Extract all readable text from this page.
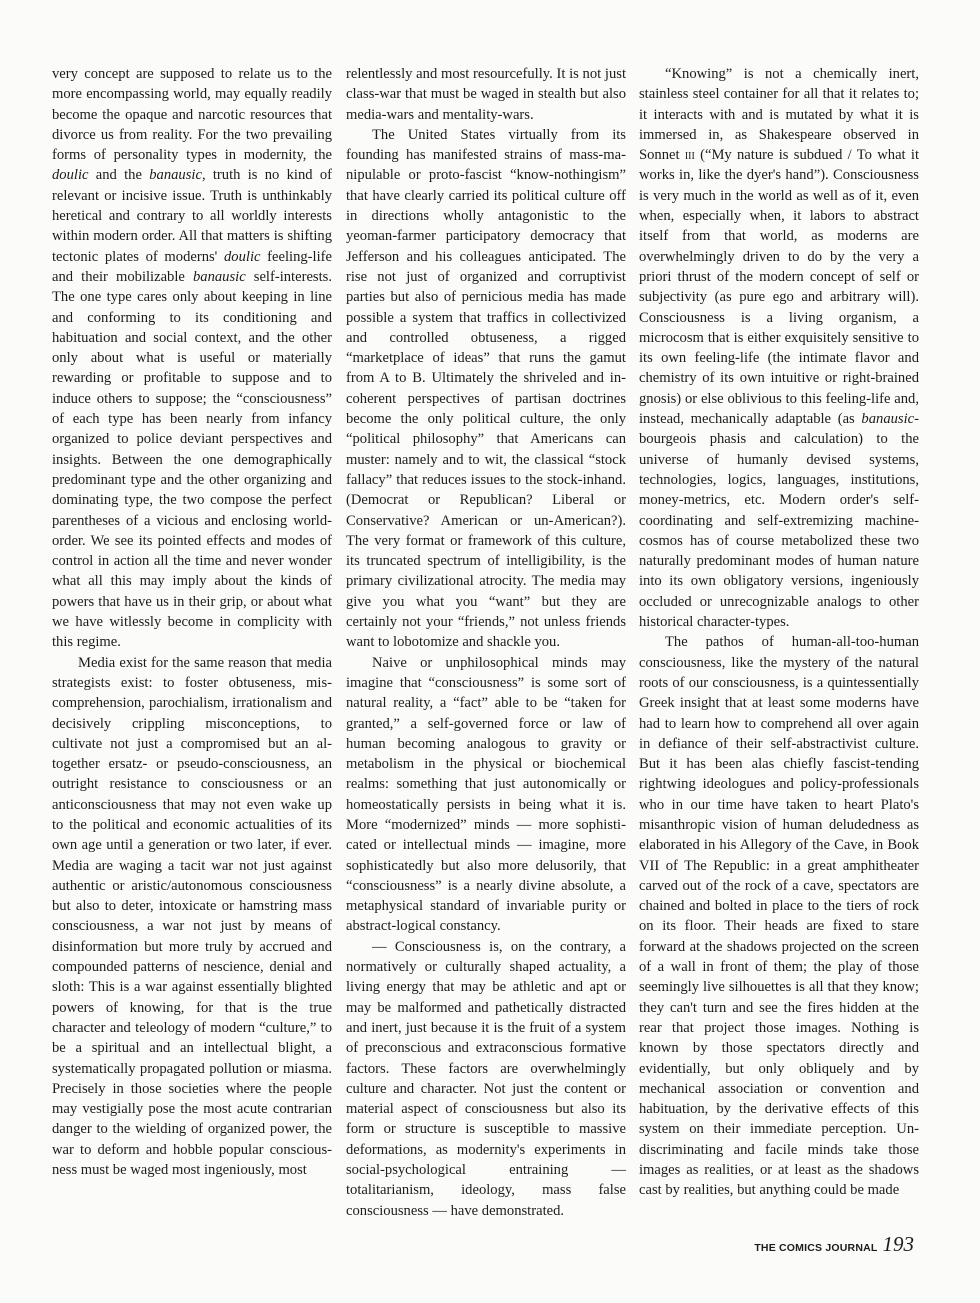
very concept are supposed to relate us to the more encompassing world, may equally readily become the opaque and narcotic resources that divorce us from reality. For the two prevailing forms of personality types in modernity, the doulic and the banausic, truth is no kind of relevant or incisive issue. Truth is unthinkably heretical and contrary to all worldly interests within modern order. All that matters is shifting tectonic plates of moderns' doulic feeling-life and their mobilizable banausic self-interests. The one type cares only about keeping in line and conforming to its conditioning and habituation and social context, and the other only about what is useful or materially rewarding or profitable to suppose and to induce others to suppose; the “consciousness” of each type has been nearly from infancy organized to police deviant perspectives and insights. Between the one demographically predominant type and the other organizing and dominating type, the two compose the perfect parentheses of a vicious and enclosing world-order. We see its pointed effects and modes of control in action all the time and never wonder what all this may imply about the kinds of powers that have us in their grip, or about what we have witlessly become in complicity with this regime.

Media exist for the same reason that media strategists exist: to foster obtuseness, miscomprehension, parochialism, irrationalism and decisively crippling misconceptions, to cultivate not just a compromised but an altogether ersatz- or pseudo-consciousness, an outright resistance to consciousness or an anticonsciousness that may not even wake up to the political and economic actualities of its own age until a generation or two later, if ever. Media are waging a tacit war not just against authentic or aristic/autonomous consciousness but also to deter, intoxicate or hamstring mass consciousness, a war not just by means of disinformation but more truly by accrued and compounded patterns of nescience, denial and sloth: This is a war against essentially blighted powers of knowing, for that is the true character and teleology of modern “culture,” to be a spiritual and an intellectual blight, a systematically propagated pollution or miasma. Precisely in those societies where the people may vestigially pose the most acute contrarian danger to the wielding of organized power, the war to deform and hobble popular consciousness must be waged most ingeniously, most

relentlessly and most resourcefully. It is not just class-war that must be waged in stealth but also media-wars and mentality-wars.

The United States virtually from its founding has manifested strains of mass-manipulable or proto-fascist “know-nothingism” that have clearly carried its political culture off in directions wholly antagonistic to the yeoman-farmer participatory democracy that Jefferson and his colleagues anticipated. The rise not just of organized and corruptivist parties but also of pernicious media has made possible a system that traffics in collectivized and controlled obtuseness, a rigged “marketplace of ideas” that runs the gamut from A to B. Ultimately the shriveled and incoherent perspectives of partisan doctrines become the only political culture, the only “political philosophy” that Americans can muster: namely and to wit, the classical “stock fallacy” that reduces issues to the stock-inhand. (Democrat or Republican? Liberal or Conservative? American or un-American?). The very format or framework of this culture, its truncated spectrum of intelligibility, is the primary civilizational atrocity. The media may give you what you “want” but they are certainly not your “friends,” not unless friends want to lobotomize and shackle you.

Naive or unphilosophical minds may imagine that “consciousness” is some sort of natural reality, a “fact” able to be “taken for granted,” a self-governed force or law of human becoming analogous to gravity or metabolism in the physical or biochemical realms: something that just autonomically or homeostatically persists in being what it is. More “modernized” minds — more sophisticated or intellectual minds — imagine, more sophisticatedly but also more delusorily, that “consciousness” is a nearly divine absolute, a metaphysical standard of invariable purity or abstract-logical constancy.

— Consciousness is, on the contrary, a normatively or culturally shaped actuality, a living energy that may be athletic and apt or may be malformed and pathetically distracted and inert, just because it is the fruit of a system of preconscious and extraconscious formative factors. These factors are overwhelmingly culture and character. Not just the content or material aspect of consciousness but also its form or structure is susceptible to massive deformations, as modernity's experiments in social-psychological entraining — totalitarianism, ideology, mass false consciousness — have demonstrated.

“Knowing” is not a chemically inert, stainless steel container for all that it relates to; it interacts with and is mutated by what it is immersed in, as Shakespeare observed in Sonnet iii (“My nature is subdued / To what it works in, like the dyer's hand”). Consciousness is very much in the world as well as of it, even when, especially when, it labors to abstract itself from that world, as moderns are overwhelmingly driven to do by the very a priori thrust of the modern concept of self or subjectivity (as pure ego and arbitrary will). Consciousness is a living organism, a microcosm that is either exquisitely sensitive to its own feeling-life (the intimate flavor and chemistry of its own intuitive or right-brained gnosis) or else oblivious to this feeling-life and, instead, mechanically adaptable (as banausic-bourgeois phasis and calculation) to the universe of humanly devised systems, technologies, logics, languages, institutions, money-metrics, etc. Modern order's self-coordinating and self-extremizing machine-cosmos has of course metabolized these two naturally predominant modes of human nature into its own obligatory versions, ingeniously occluded or unrecognizable analogs to other historical character-types.

The pathos of human-all-too-human consciousness, like the mystery of the natural roots of our consciousness, is a quintessentially Greek insight that at least some moderns have had to learn how to comprehend all over again in defiance of their self-abstractivist culture. But it has been alas chiefly fascist-tending rightwing ideologues and policy-professionals who in our time have taken to heart Plato's misanthropic vision of human deludedness as elaborated in his Allegory of the Cave, in Book VII of The Republic: in a great amphitheater carved out of the rock of a cave, spectators are chained and bolted in place to the tiers of rock on its floor. Their heads are fixed to stare forward at the shadows projected on the screen of a wall in front of them; the play of those seemingly live silhouettes is all that they know; they can't turn and see the fires hidden at the rear that project those images. Nothing is known by those spectators directly and evidentially, but only obliquely and by mechanical association or convention and habituation, by the derivative effects of this system on their immediate perception. Undiscriminating and facile minds take those images as realities, or at least as the shadows cast by realities, but anything could be made

THE COMICS JOURNAL 193
